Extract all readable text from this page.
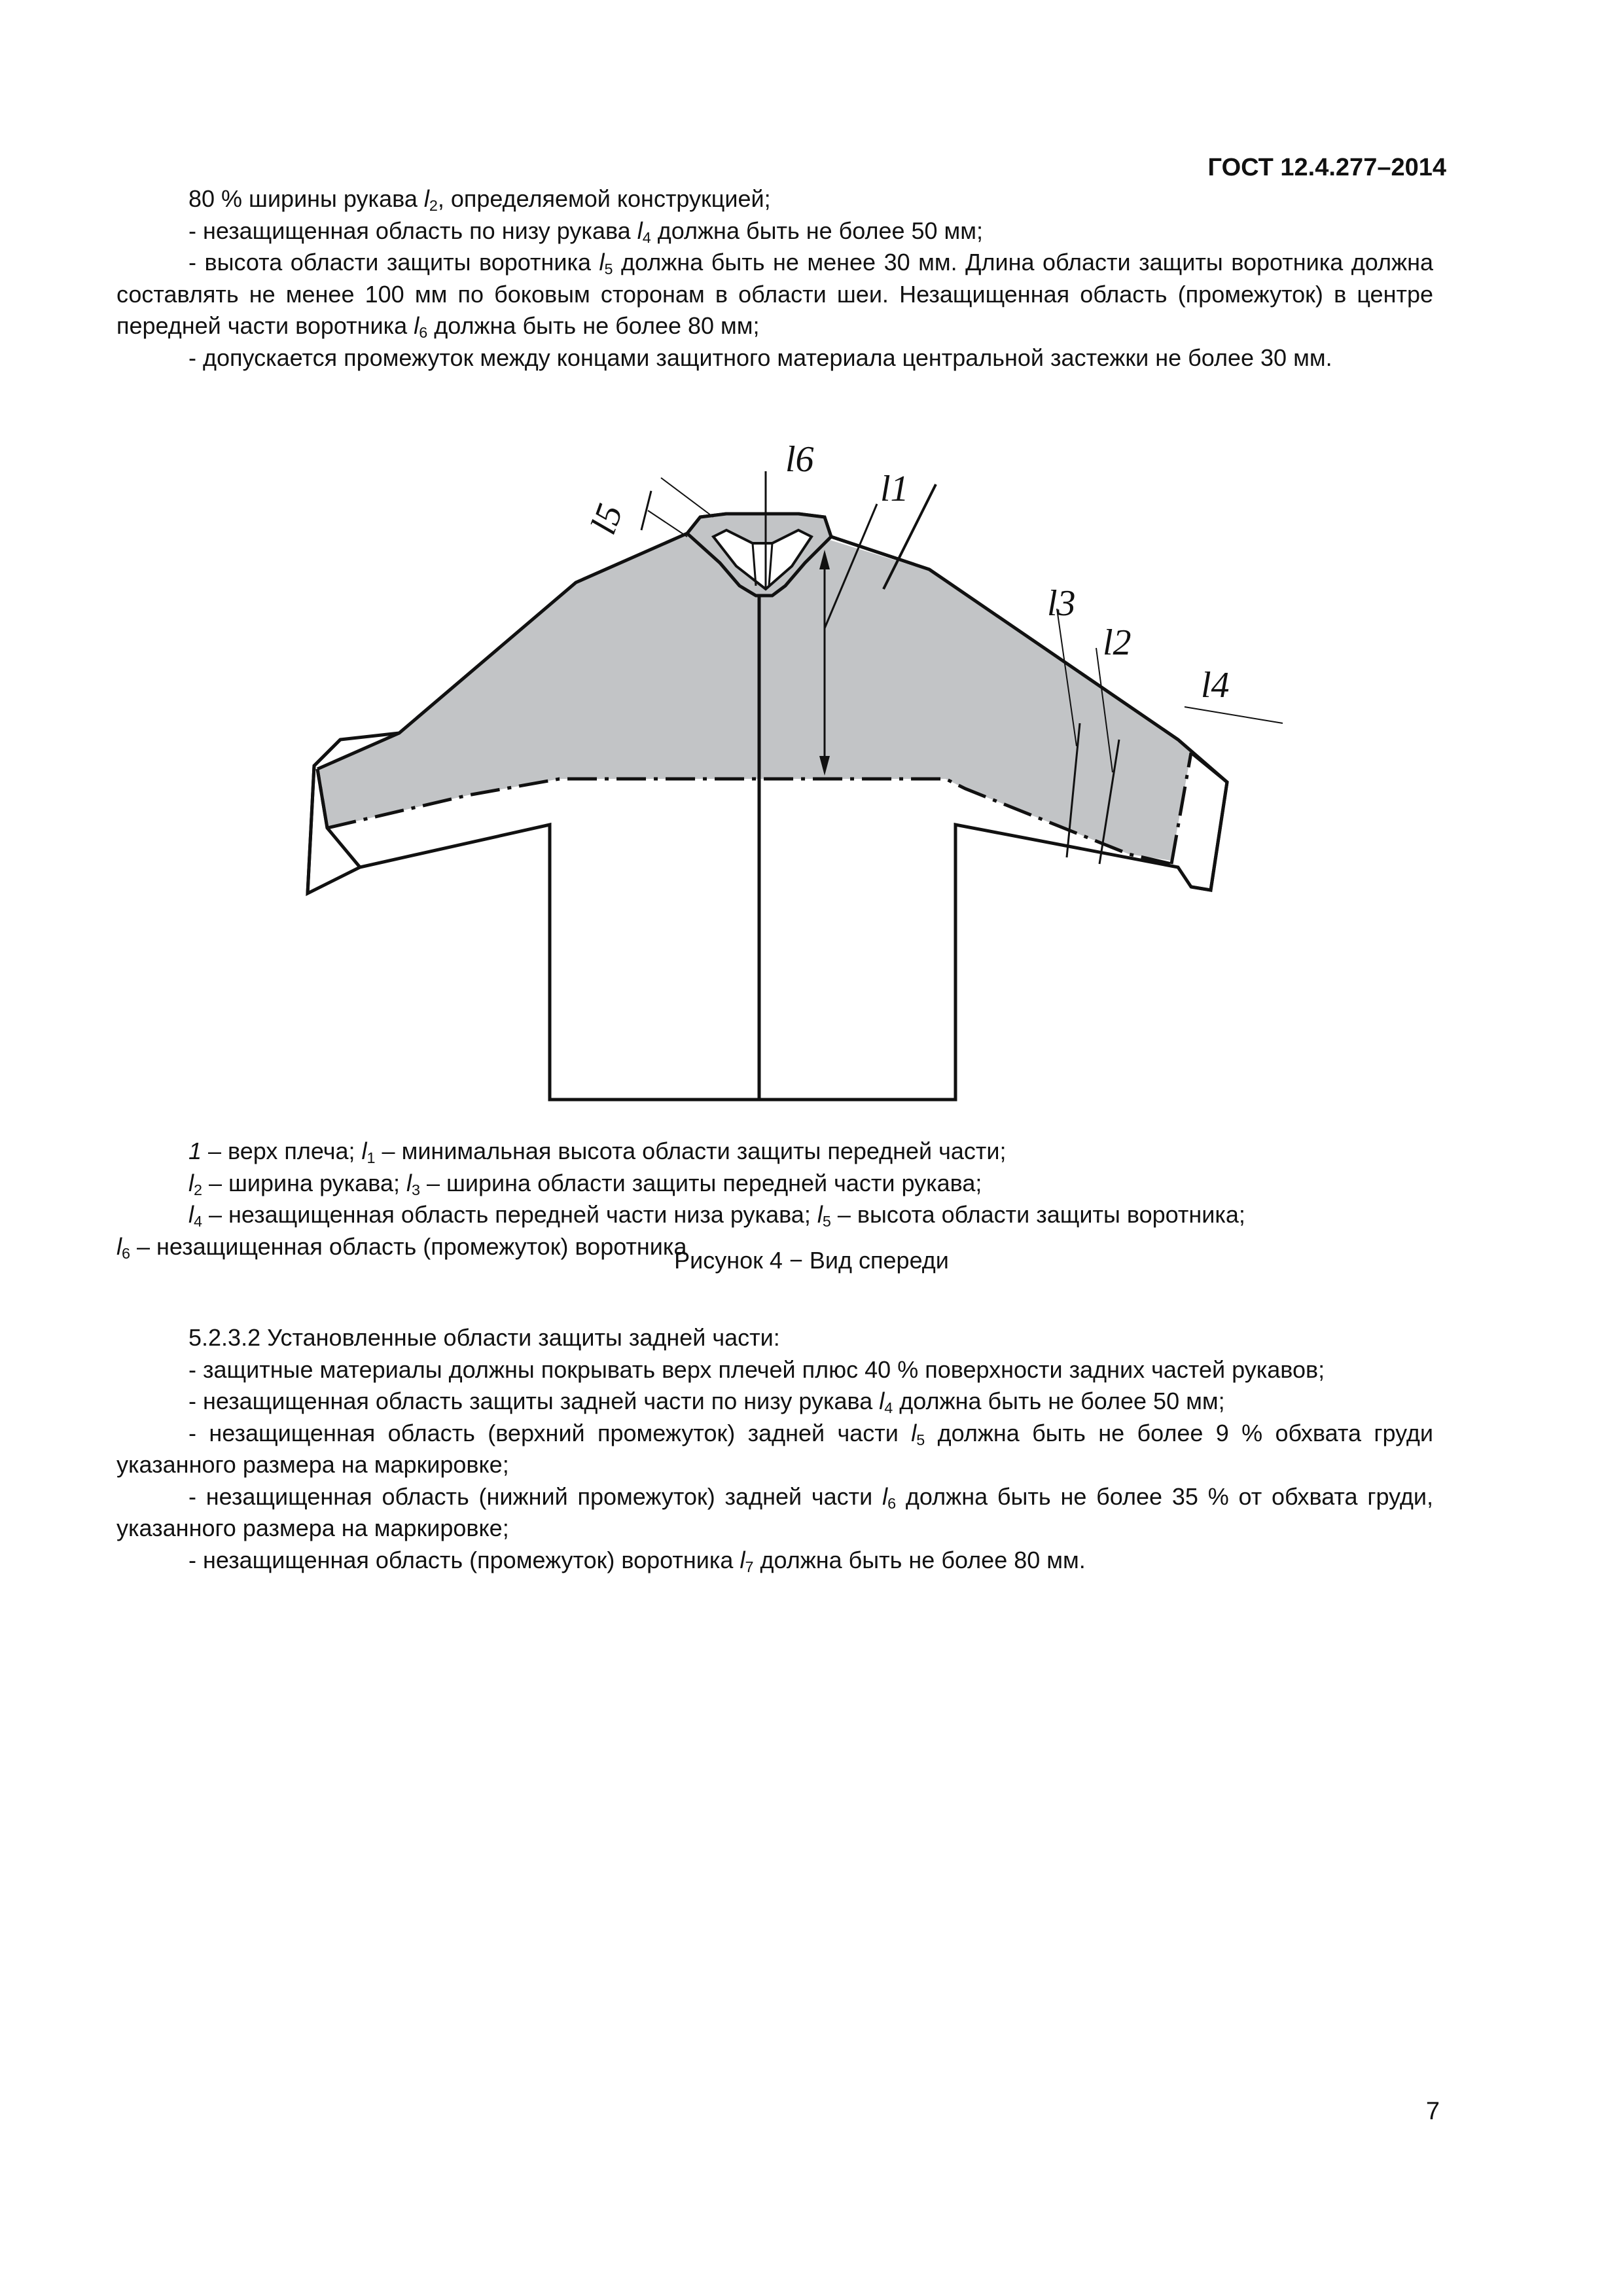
ГОСТ 12.4.277–2014

80 % ширины рукава $l_2$, определяемой конструкцией;

- незащищенная область по низу рукава $l_4$ должна быть не более 50 мм;

- высота области защиты воротника $l_5$ должна быть не менее 30 мм. Длина области защиты воротника должна составлять не менее 100 мм по боковым сторонам в области шеи. Незащищенная область (промежуток) в центре передней части воротника $l_6$ должна быть не более 80 мм;

- допускается промежуток между концами защитного материала центральной застежки не более 30 мм.

l1
l6
l5
l3
l2
l4

1 – верх плеча; $l_1$ – минимальная высота области защиты передней части;

$l_2$ – ширина рукава; $l_3$ – ширина области защиты передней части рукава;

$l_4$ – незащищенная область передней части низа рукава; $l_5$ – высота области защиты воротника;

$l_6$ – незащищенная область (промежуток) воротника

Рисунок 4 − Вид спереди

5.2.3.2 Установленные области защиты задней части:

- защитные материалы должны покрывать верх плечей плюс 40 % поверхности задних частей рукавов;

- незащищенная область защиты задней части по низу рукава $l_4$ должна быть не более 50 мм;

- незащищенная область (верхний промежуток) задней части $l_5$ должна быть не более 9 % обхвата груди указанного размера на маркировке;

- незащищенная область (нижний промежуток) задней части $l_6$ должна быть не более 35 % от обхвата груди, указанного размера на маркировке;

- незащищенная область (промежуток) воротника $l_7$ должна быть не более 80 мм.

7
